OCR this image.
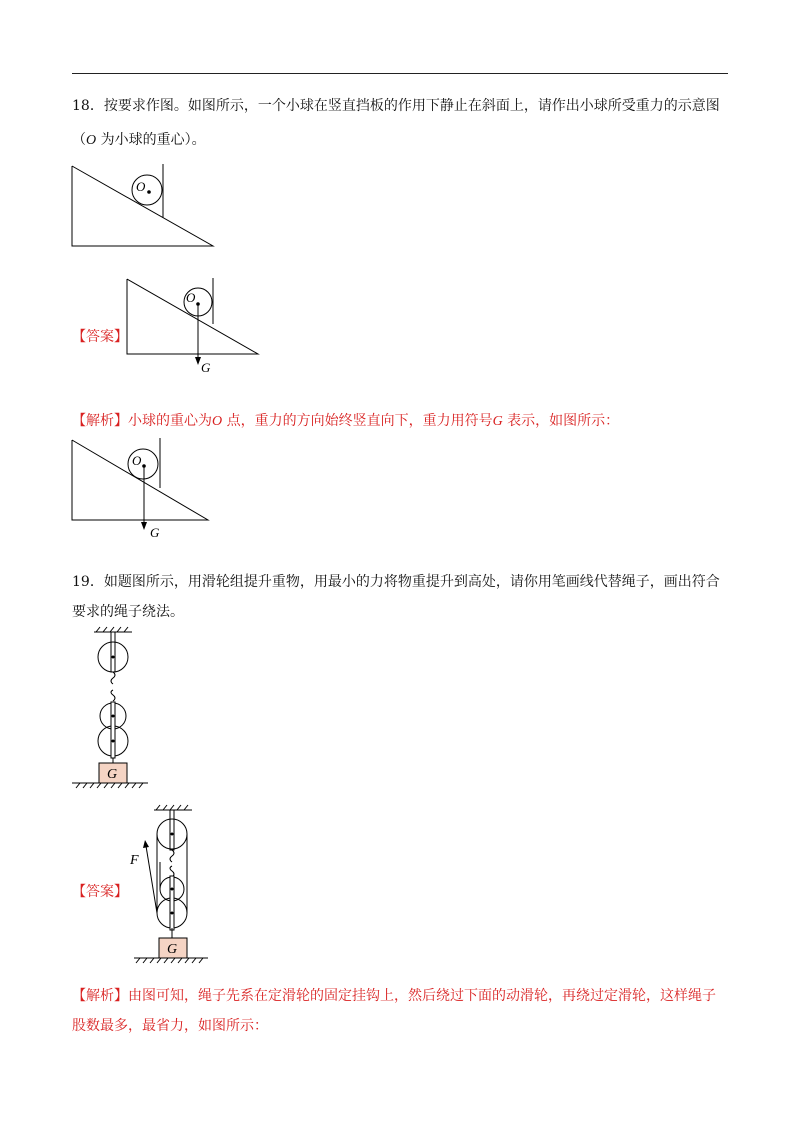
18．按要求作图。如图所示，一个小球在竖直挡板的作用下静止在斜面上，请作出小球所受重力的示意图
（O 为小球的重心）。
O
【答案】
O
G
【解析】小球的重心为O 点，重力的方向始终竖直向下，重力用符号G 表示，如图所示：
O
G
19．如题图所示，用滑轮组提升重物，用最小的力将物重提升到高处，请你用笔画线代替绳子，画出符合
要求的绳子绕法。
G
【答案】
F
G
【解析】由图可知，绳子先系在定滑轮的固定挂钩上，然后绕过下面的动滑轮，再绕过定滑轮，这样绳子
股数最多，最省力，如图所示：
